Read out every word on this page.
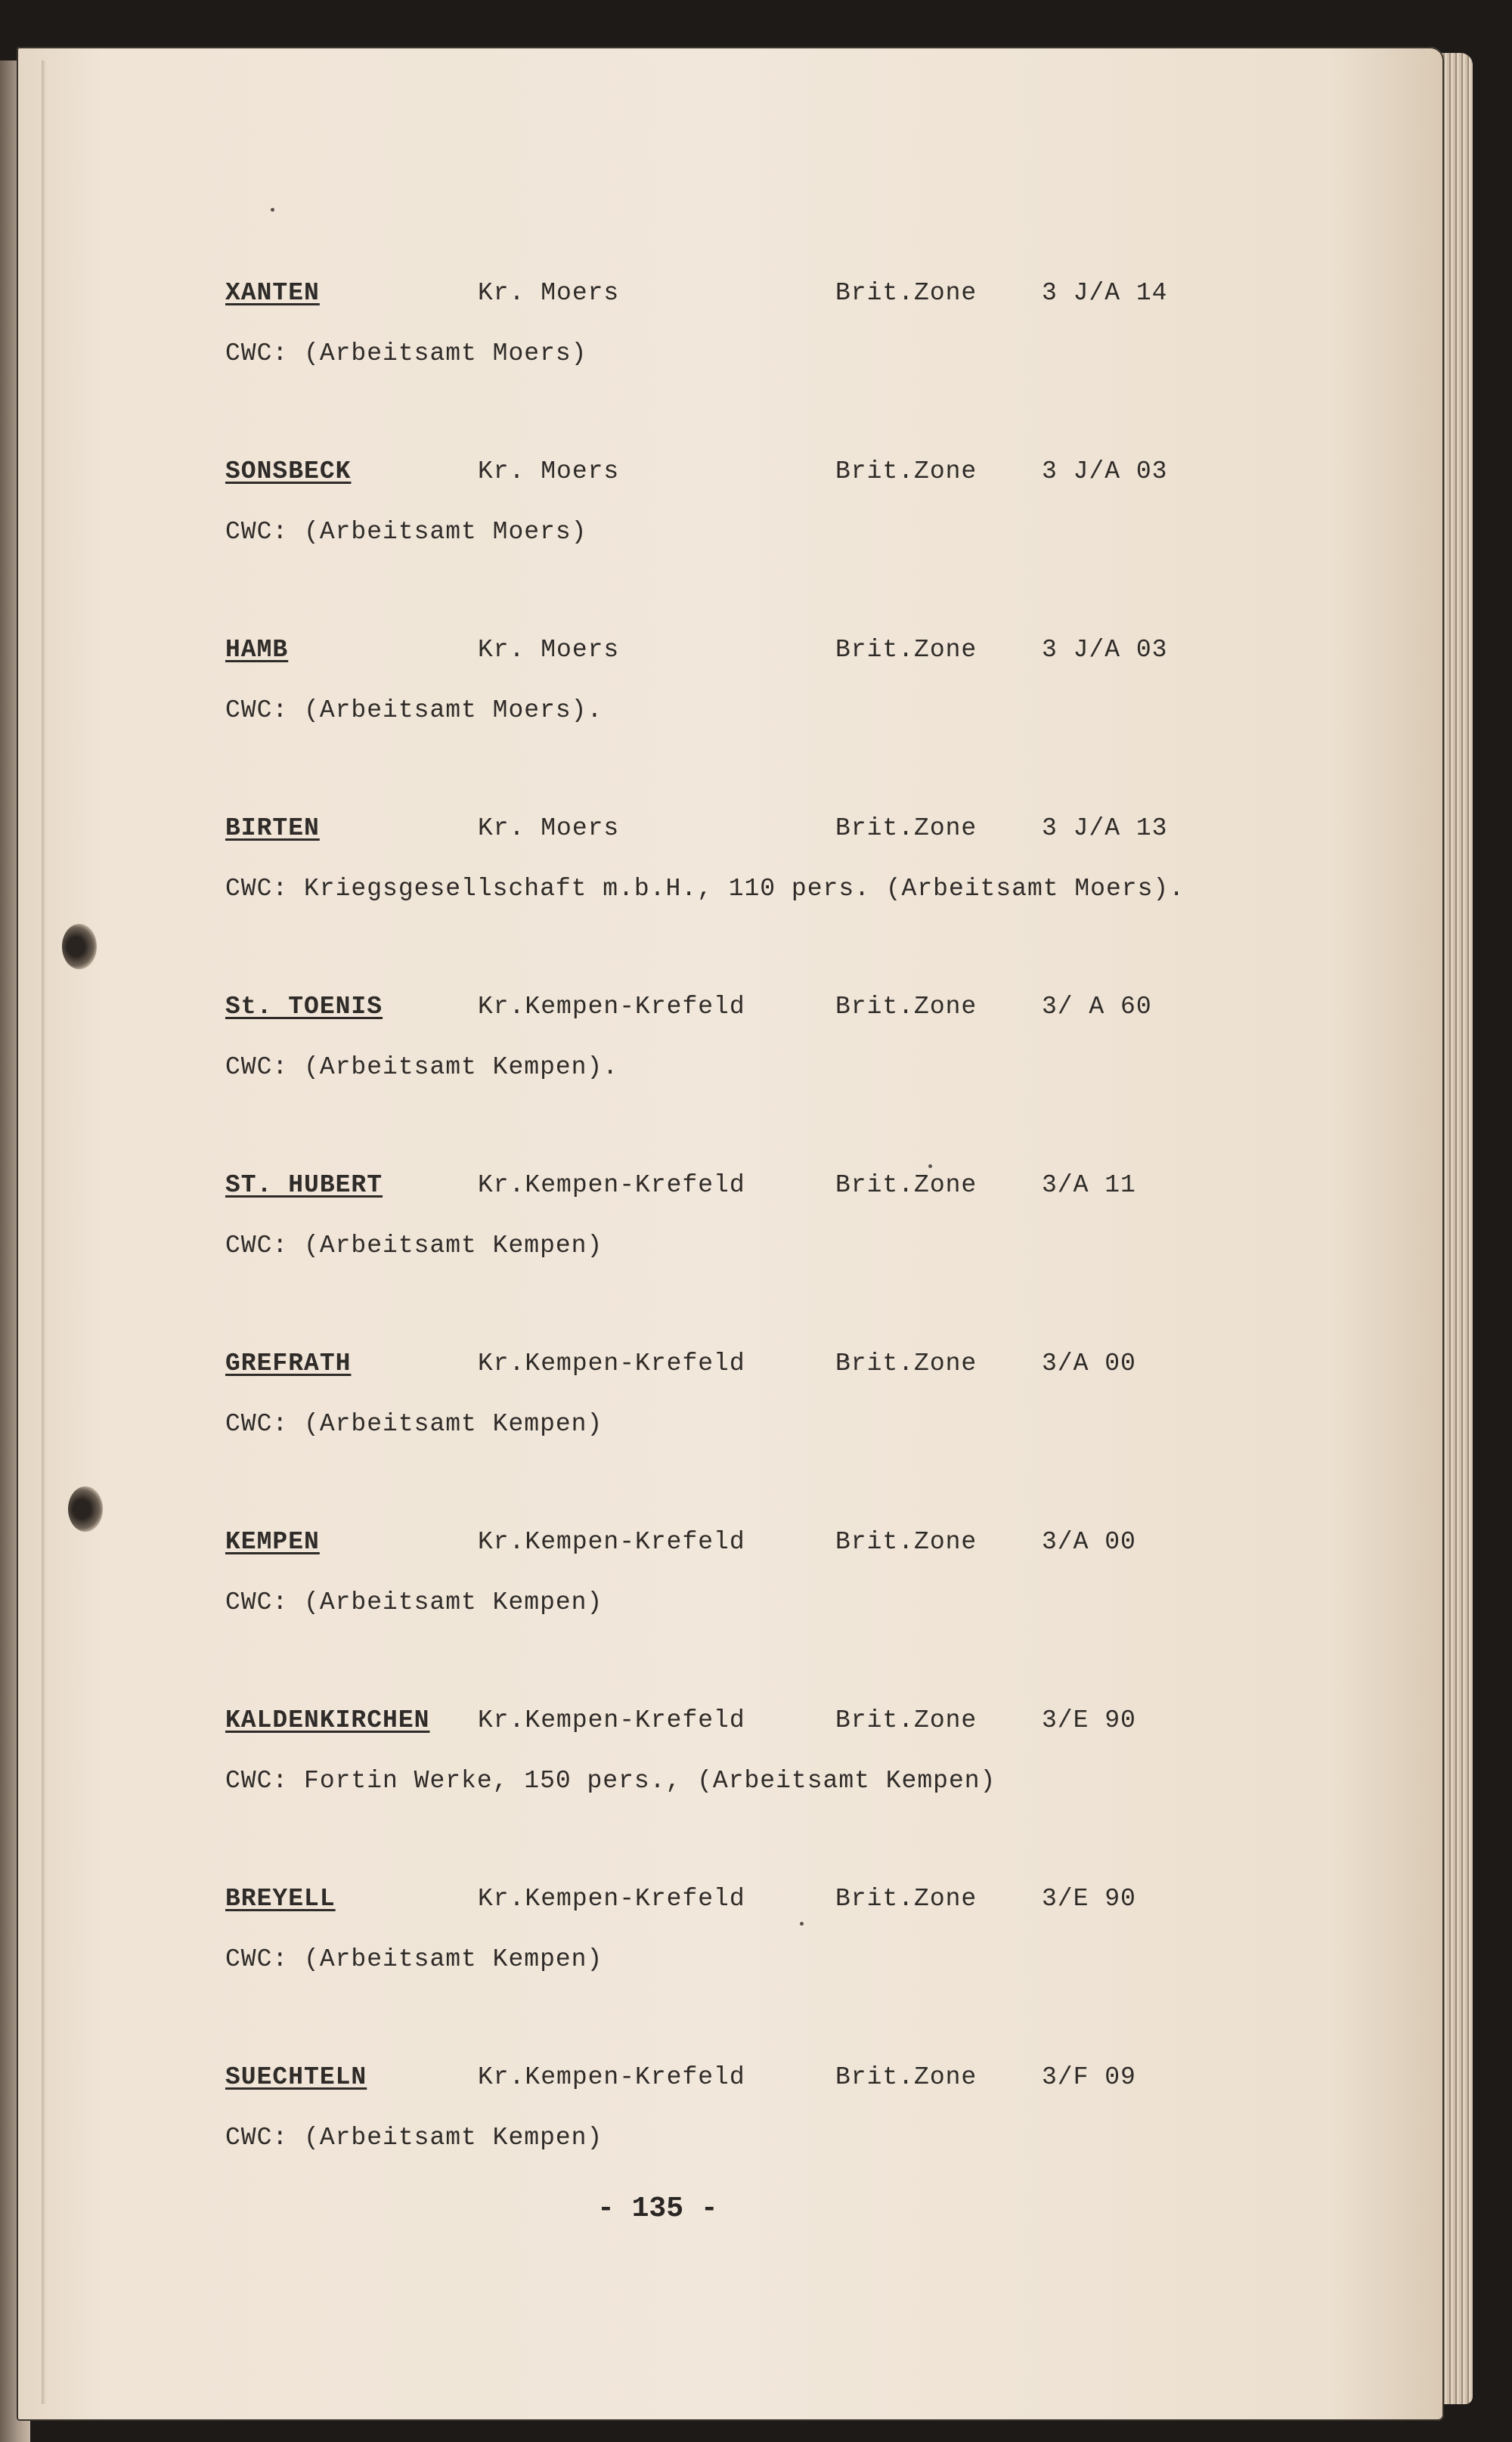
XANTEN	Kr. Moers	Brit.Zone	3 J/A 14
CWC: (Arbeitsamt Moers)
SONSBECK	Kr. Moers	Brit.Zone	3 J/A 03
CWC: (Arbeitsamt Moers)
HAMB	Kr. Moers	Brit.Zone	3 J/A 03
CWC: (Arbeitsamt Moers).
BIRTEN	Kr. Moers	Brit.Zone	3 J/A 13
CWC: Kriegsgesellschaft m.b.H., 110 pers. (Arbeitsamt Moers).
St. TOENIS	Kr.Kempen-Krefeld	Brit.Zone	3/ A 60
CWC: (Arbeitsamt Kempen).
ST. HUBERT	Kr.Kempen-Krefeld	Brit.Zone	3/A 11
CWC: (Arbeitsamt Kempen)
GREFRATH	Kr.Kempen-Krefeld	Brit.Zone	3/A 00
CWC: (Arbeitsamt Kempen)
KEMPEN	Kr.Kempen-Krefeld	Brit.Zone	3/A 00
CWC: (Arbeitsamt Kempen)
KALDENKIRCHEN Kr.Kempen-Krefeld	Brit.Zone	3/E 90
CWC: Fortin Werke, 150 pers., (Arbeitsamt Kempen)
BREYELL	Kr.Kempen-Krefeld	Brit.Zone	3/E 90
CWC: (Arbeitsamt Kempen)
SUECHTELN	Kr.Kempen-Krefeld	Brit.Zone	3/F 09
CWC: (Arbeitsamt Kempen)
- 135 -
